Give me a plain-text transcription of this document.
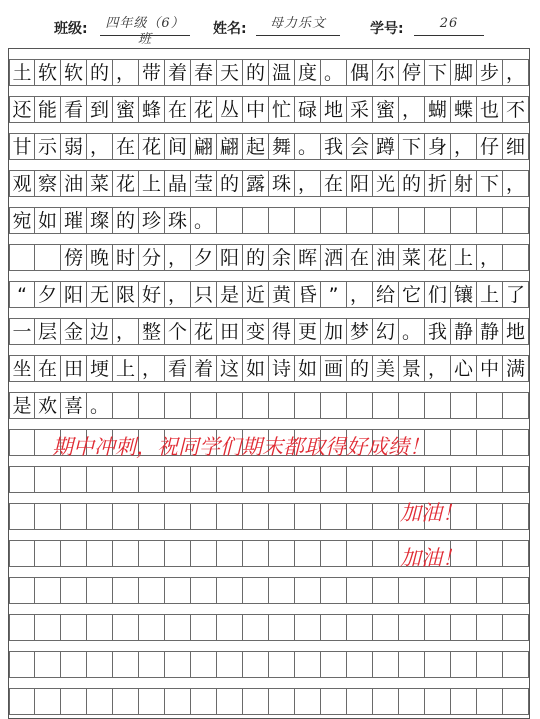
班级:	四年级（6）班
姓名:	母力乐文	学号:	26
土 软 软 的 ， 带 着 春 天 的 温 度 。 偶 尔 停 下 脚 步 ，
还 能 看 到 蜜 蜂 在 花 丛 中 忙 碌 地 采 蜜 ， 蝴 蝶 也 不
甘 示 弱 ， 在 花 间 翩 翩 起 舞 。 我 会 蹲 下 身 ， 仔 细
观 察 油 菜 花 上 晶 莹 的 露 珠 ， 在 阳 光 的 折 射 下 ，
宛 如 璀 璨 的 珍 珠 。
傍 晚 时 分 ， 夕 阳 的 余 晖 洒 在 油 菜 花 上 ，
“ 夕 阳 无 限 好 ， 只 是 近 黄 昏 ” ， 给 它 们 镶 上 了
一 层 金 边 ， 整 个 花 田 变 得 更 加 梦 幻 。 我 静 静 地
坐 在 田 埂 上 ， 看 着 这 如 诗 如 画 的 美 景 ， 心 中 满
是 欢 喜 。
期中冲刺，祝同学们期末都取得好成绩！
加油！
加油！
